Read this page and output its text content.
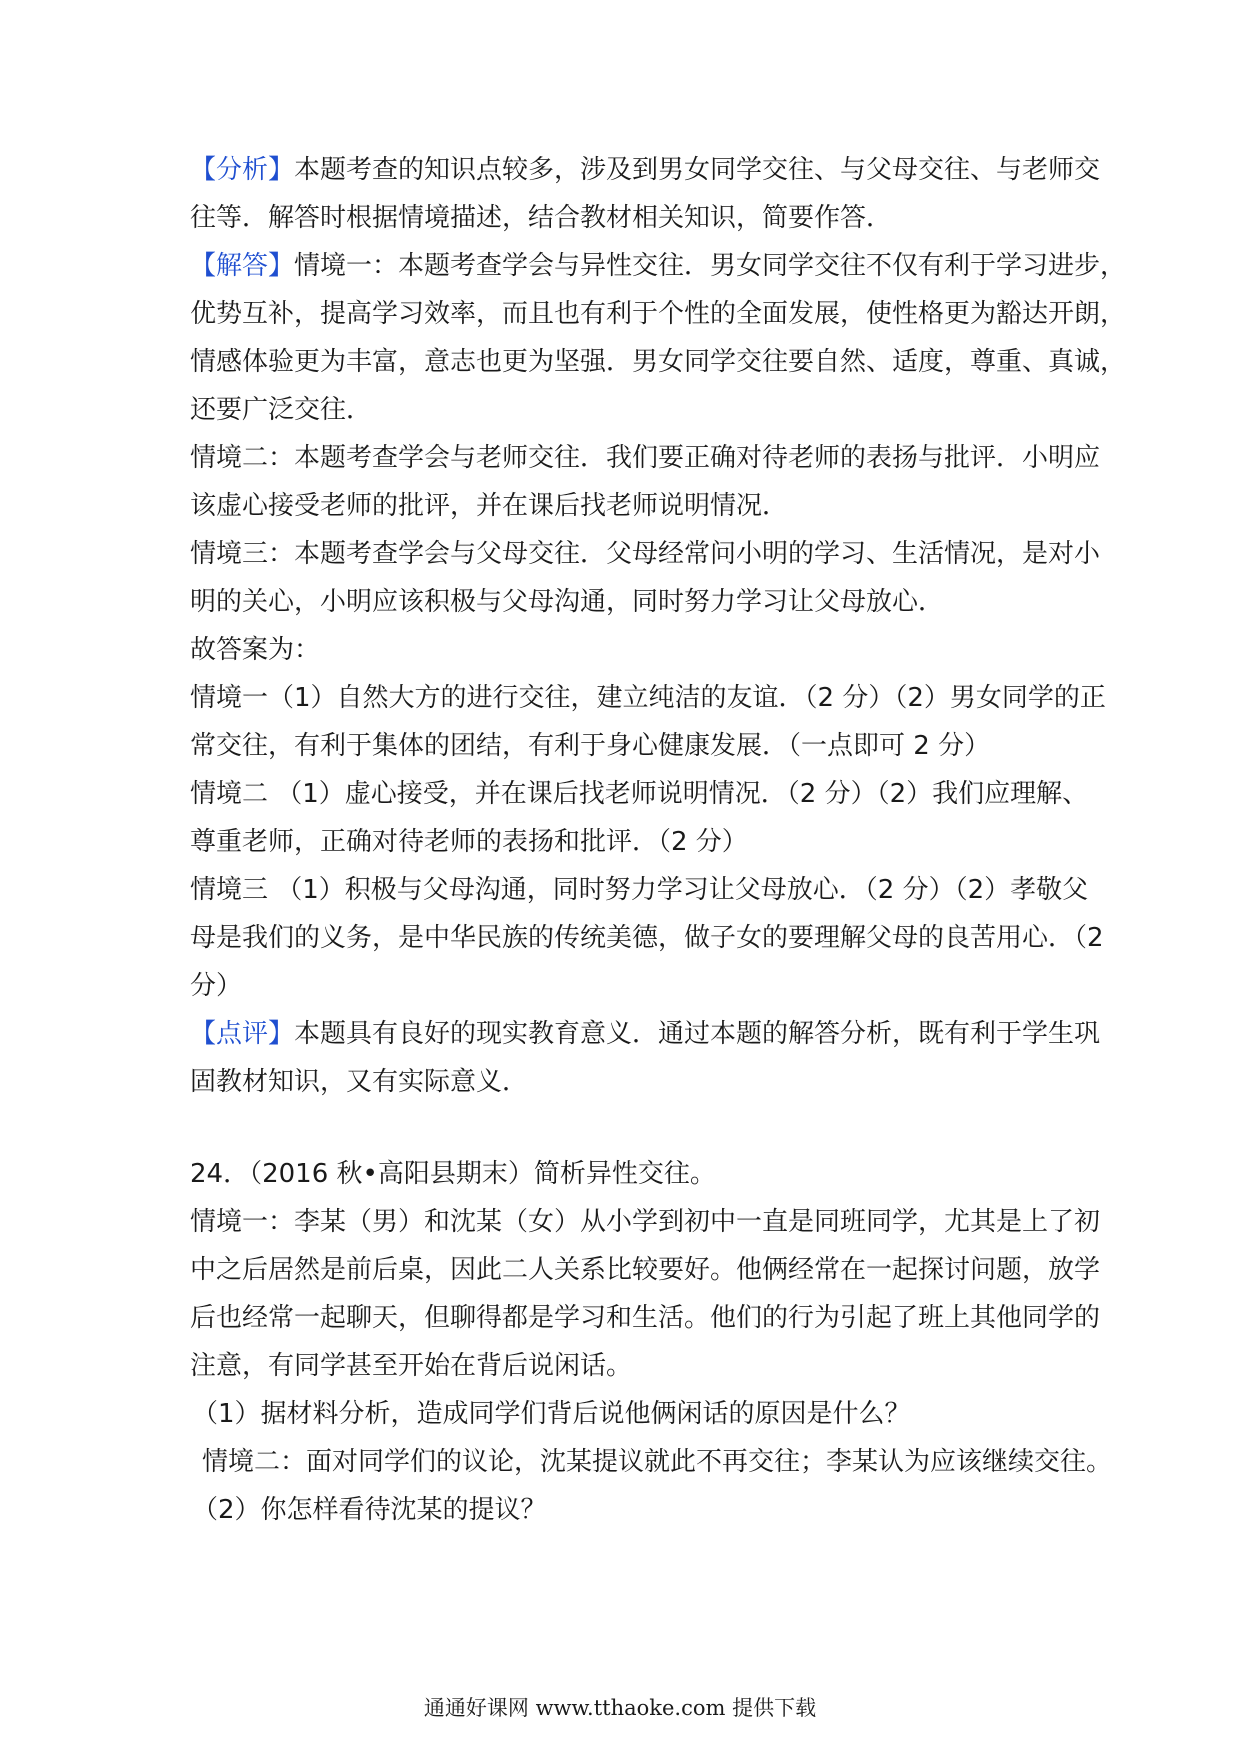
【分析】本题考查的知识点较多，涉及到男女同学交往、与父母交往、与老师交
往等．解答时根据情境描述，结合教材相关知识，简要作答．
【解答】情境一：本题考查学会与异性交往．男女同学交往不仅有利于学习进步，
优势互补，提高学习效率，而且也有利于个性的全面发展，使性格更为豁达开朗，
情感体验更为丰富，意志也更为坚强．男女同学交往要自然、适度，尊重、真诚，
还要广泛交往．
情境二：本题考查学会与老师交往．我们要正确对待老师的表扬与批评．小明应
该虚心接受老师的批评，并在课后找老师说明情况．
情境三：本题考查学会与父母交往．父母经常问小明的学习、生活情况，是对小
明的关心，小明应该积极与父母沟通，同时努力学习让父母放心．
故答案为：
情境一（1）自然大方的进行交往，建立纯洁的友谊．（2 分）（2）男女同学的正
常交往，有利于集体的团结，有利于身心健康发展．（一点即可 2 分）
情境二 （1）虚心接受，并在课后找老师说明情况．（2 分）（2）我们应理解、
尊重老师，正确对待老师的表扬和批评．（2 分）
情境三 （1）积极与父母沟通，同时努力学习让父母放心．（2 分）（2）孝敬父
母是我们的义务，是中华民族的传统美德，做子女的要理解父母的良苦用心．（2
分）
【点评】本题具有良好的现实教育意义．通过本题的解答分析，既有利于学生巩
固教材知识，又有实际意义．
24．（2016 秋•高阳县期末）简析异性交往。
情境一：李某（男）和沈某（女）从小学到初中一直是同班同学，尤其是上了初
中之后居然是前后桌，因此二人关系比较要好。他俩经常在一起探讨问题，放学
后也经常一起聊天，但聊得都是学习和生活。他们的行为引起了班上其他同学的
注意，有同学甚至开始在背后说闲话。
（1）据材料分析，造成同学们背后说他俩闲话的原因是什么？
情境二：面对同学们的议论，沈某提议就此不再交往；李某认为应该继续交往。
（2）你怎样看待沈某的提议？
通通好课网 www.tthaoke.com 提供下载
